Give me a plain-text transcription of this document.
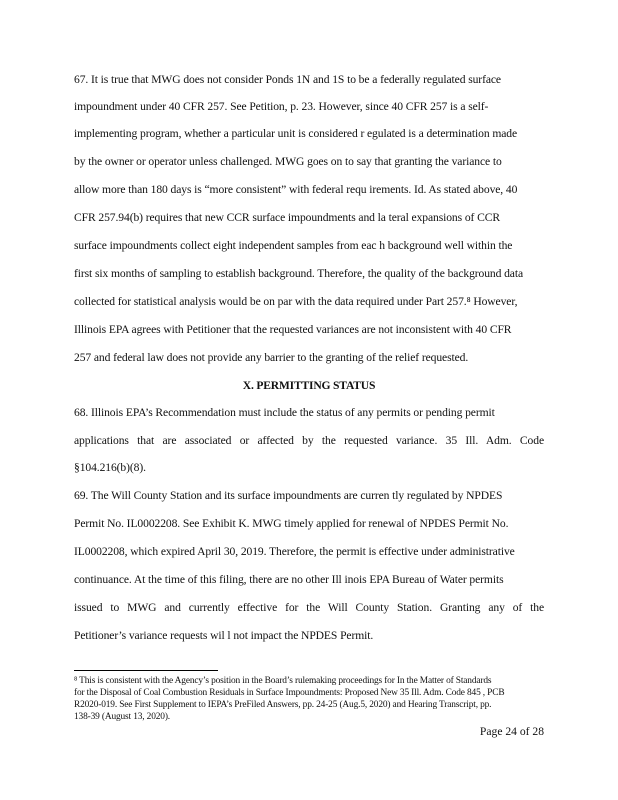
67. It is true that MWG does not consider Ponds 1N and 1S to be a federally regulated surface
impoundment under 40 CFR 257. See Petition, p. 23. However, since 40 CFR 257 is a self-
implementing program, whether a particular unit is considered r egulated is a determination made
by the owner or operator unless challenged. MWG goes on to say that granting the variance to
allow more than 180 days is “more consistent” with federal requ irements. Id. As stated above, 40
CFR 257.94(b) requires that new CCR surface impoundments and la teral expansions of CCR
surface impoundments collect eight independent samples from eac h background well within the
first six months of sampling to establish background. Therefore, the quality of the background data
collected for statistical analysis would be on par with the data required under Part 257.⁸ However,
Illinois EPA agrees with Petitioner that the requested variances are not inconsistent with 40 CFR
257 and federal law does not provide any barrier to the granting of the relief requested.
X. PERMITTING STATUS
68. Illinois EPA’s Recommendation must include the status of any permits or pending permit
applications that are associated or affected by the requested variance. 35 Ill. Adm. Code
§104.216(b)(8).
69. The Will County Station and its surface impoundments are curren tly regulated by NPDES
Permit No. IL0002208. See Exhibit K. MWG timely applied for renewal of NPDES Permit No.
IL0002208, which expired April 30, 2019. Therefore, the permit is effective under administrative
continuance. At the time of this filing, there are no other Ill inois EPA Bureau of Water permits
issued to MWG and currently effective for the Will County Station. Granting any of the
Petitioner’s variance requests wil l not impact the NPDES Permit.
⁸ This is consistent with the Agency’s position in the Board’s rulemaking proceedings for In the Matter of Standards
for the Disposal of Coal Combustion Residuals in Surface Impoundments: Proposed New 35 Ill. Adm. Code 845 , PCB
R2020-019. See First Supplement to IEPA’s PreFiled Answers, pp. 24-25 (Aug.5, 2020) and Hearing Transcript, pp.
138-39 (August 13, 2020).
Page 24 of 28
